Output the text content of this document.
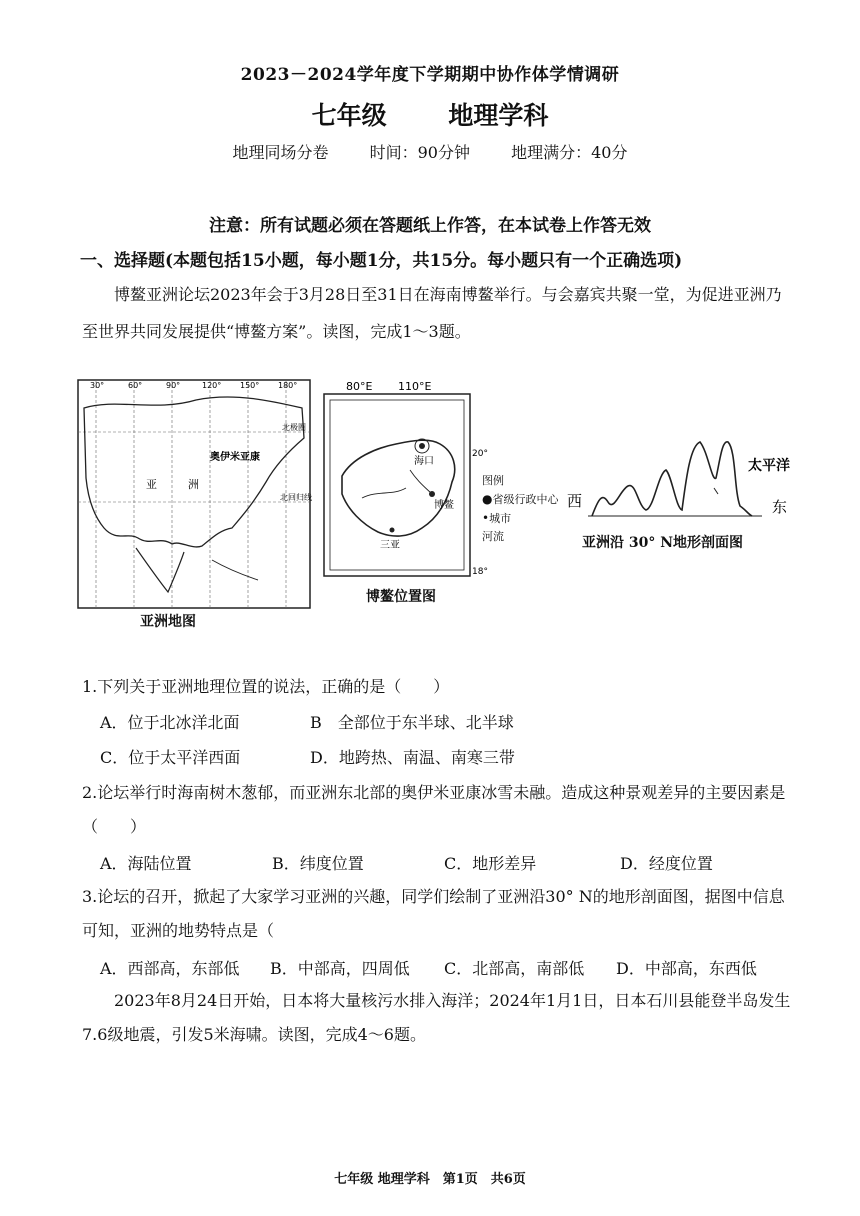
2023－2024学年度下学期期中协作体学情调研
七年级　 地理学科
地理同场分卷	时间：90分钟	地理满分：40分
注意：所有试题必须在答题纸上作答，在本试卷上作答无效
一、选择题(本题包括15小题，每小题1分，共15分。每小题只有一个正确选项)
博鳌亚洲论坛2023年会于3月28日至31日在海南博鳌举行。与会嘉宾共聚一堂，为促进亚洲乃至世界共同发展提供“博鳌方案”。读图，完成1～3题。
30°	60°	90°	120° 150° 180°
北极圈
奥伊米亚康
亚	洲
北回归线
亚洲地图
80°E 110°E
20°
18°
海口
博鳌
三亚
博鳌位置图
图例
●省级行政中心
•城市
河流
西
太平洋
东
亚洲沿 30° N地形剖面图
1.下列关于亚洲地理位置的说法，正确的是（　　）
A．位于北冰洋北面	B　全部位于东半球、北半球
C．位于太平洋西面	D．地跨热、南温、南寒三带
2.论坛举行时海南树木葱郁，而亚洲东北部的奥伊米亚康冰雪未融。造成这种景观差异的主要因素是（　　）
A．海陆位置	B．纬度位置	C．地形差异	D．经度位置
3.论坛的召开，掀起了大家学习亚洲的兴趣，同学们绘制了亚洲沿30° N的地形剖面图，据图中信息可知，亚洲的地势特点是（
A．西部高，东部低 B．中部高，四周低 C．北部高，南部低 D．中部高，东西低
2023年8月24日开始，日本将大量核污水排入海洋；2024年1月1日，日本石川县能登半岛发生7.6级地震，引发5米海啸。读图，完成4～6题。
七年级 地理学科　第1页　共6页
